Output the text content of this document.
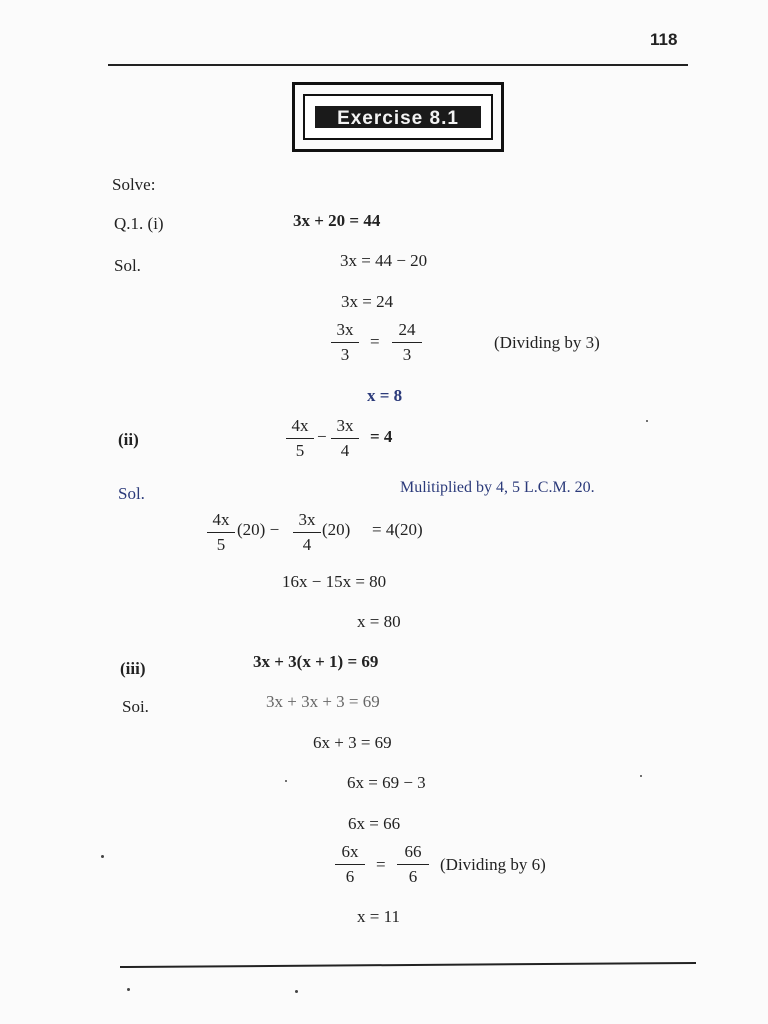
118
Exercise 8.1
Solve:
Q.1. (i)	3x + 20 = 44
Sol.	3x = 44 − 20
3x = 24
3x
3
=
24
3
(Dividing by 3)
x = 8
(ii)
4x
5
−
3x
4
= 4
Sol.	Mulitiplied by 4, 5 L.C.M. 20.
4x
5
(20) −
3x
4
(20) = 4(20)
16x − 15x = 80
x = 80
(iii)	3x + 3(x + 1) = 69
Soi.	3x + 3x + 3 = 69
6x + 3 = 69
6x = 69 − 3
6x = 66
6x
6
=
66
6
(Dividing by 6)
x = 11
